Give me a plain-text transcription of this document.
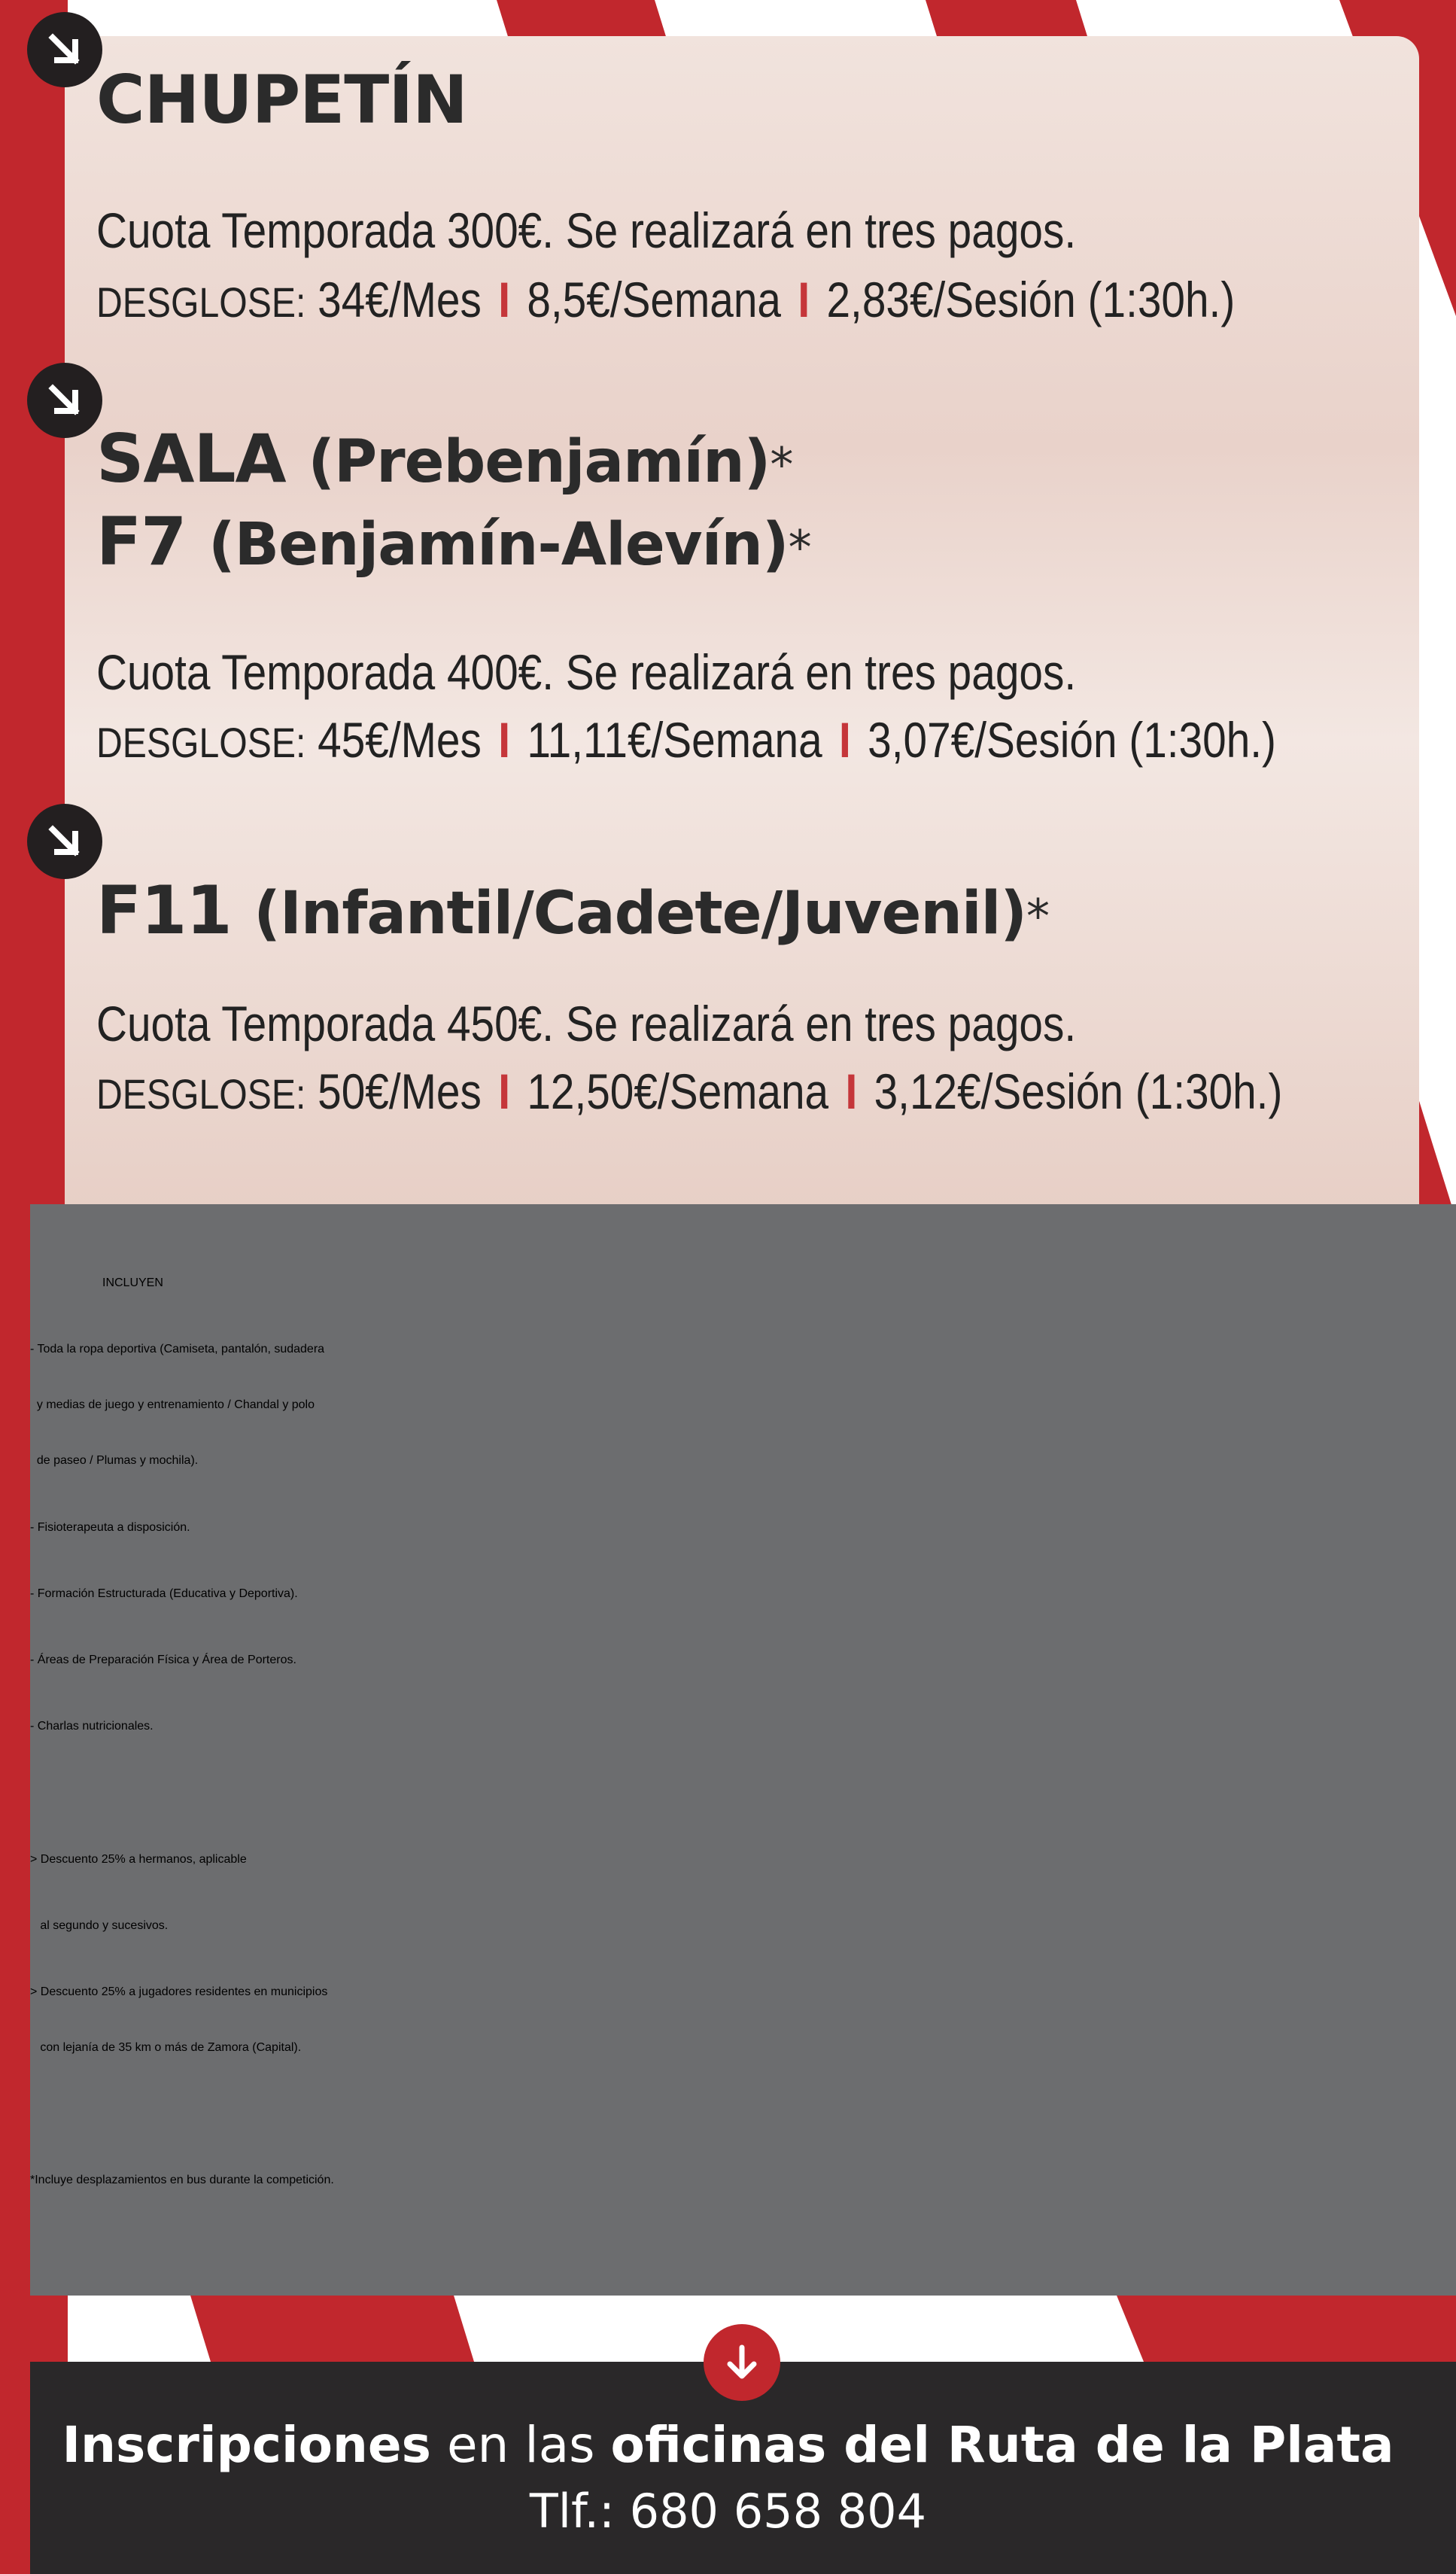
CHUPETÍN

Cuota Temporada 300€. Se realizará en tres pagos.

DESGLOSE: 34€/Mes I 8,5€/Semana I 2,83€/Sesión (1:30h.)

SALA (Prebenjamín)*
F7 (Benjamín-Alevín)*

Cuota Temporada 400€. Se realizará en tres pagos.

DESGLOSE: 45€/Mes I 11,11€/Semana I 3,07€/Sesión (1:30h.)

F11 (Infantil/Cadete/Juvenil)*

Cuota Temporada 450€. Se realizará en tres pagos.

DESGLOSE: 50€/Mes I 12,50€/Semana I 3,12€/Sesión (1:30h.)

INCLUYEN

- Toda la ropa deportiva (Camiseta, pantalón, sudadera

y medias de juego y entrenamiento / Chandal y polo

de paseo / Plumas y mochila).

- Fisioterapeuta a disposición.

- Formación Estructurada (Educativa y Deportiva).

- Áreas de Preparación Física y Área de Porteros.

- Charlas nutricionales.

> Descuento 25% a hermanos, aplicable

al segundo y sucesivos.

> Descuento 25% a jugadores residentes en municipios

con lejanía de 35 km o más de Zamora (Capital).

*Incluye desplazamientos en bus durante la competición.

Inscripciones en las oficinas del Ruta de la Plata

Tlf.: 680 658 804
